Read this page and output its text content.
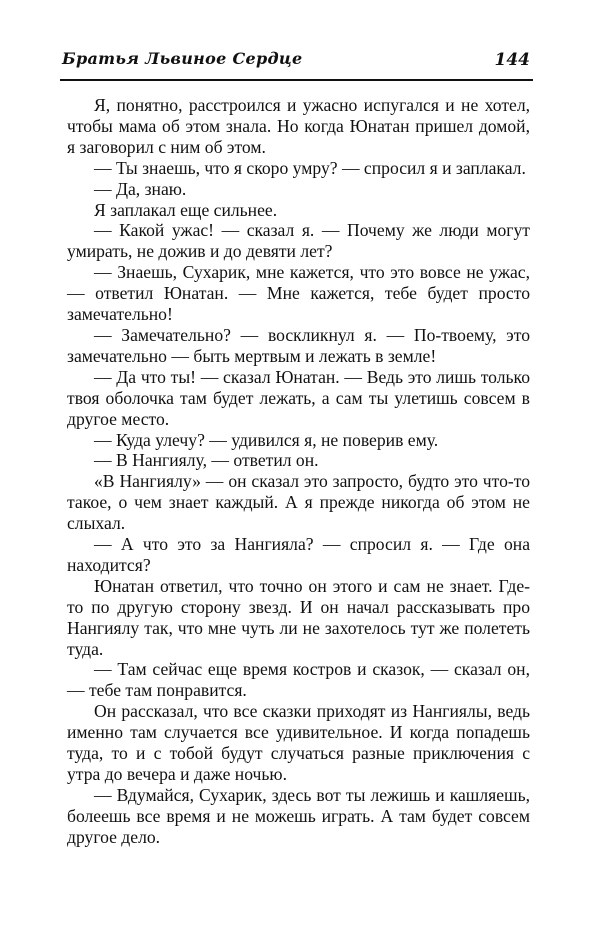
Братья Львиное Сердце	144

Я, понятно, расстроился и ужасно испугался и не хотел, чтобы мама об этом знала. Но когда Юнатан пришел домой, я заговорил с ним об этом.

— Ты знаешь, что я скоро умру? — спросил я и заплакал.

— Да, знаю.

Я заплакал еще сильнее.

— Какой ужас! — сказал я. — Почему же люди могут умирать, не дожив и до девяти лет?

— Знаешь, Сухарик, мне кажется, что это вовсе не ужас, — ответил Юнатан. — Мне кажется, тебе будет просто замечательно!

— Замечательно? — воскликнул я. — По-твоему, это замечательно — быть мертвым и лежать в земле!

— Да что ты! — сказал Юнатан. — Ведь это лишь только твоя оболочка там будет лежать, а сам ты улетишь совсем в другое место.

— Куда улечу? — удивился я, не поверив ему.

— В Нангиялу, — ответил он.

«В Нангиялу» — он сказал это запросто, будто это что-то такое, о чем знает каждый. А я прежде никогда об этом не слыхал.

— А что это за Нангияла? — спросил я. — Где она находится?

Юнатан ответил, что точно он этого и сам не знает. Где-то по другую сторону звезд. И он начал рассказывать про Нангиялу так, что мне чуть ли не захотелось тут же полететь туда.

— Там сейчас еще время костров и сказок, — сказал он, — тебе там понравится.

Он рассказал, что все сказки приходят из Нангиялы, ведь именно там случается все удивительное. И когда попадешь туда, то и с тобой будут случаться разные приключения с утра до вечера и даже ночью.

— Вдумайся, Сухарик, здесь вот ты лежишь и кашляешь, болеешь все время и не можешь играть. А там будет совсем другое дело.
